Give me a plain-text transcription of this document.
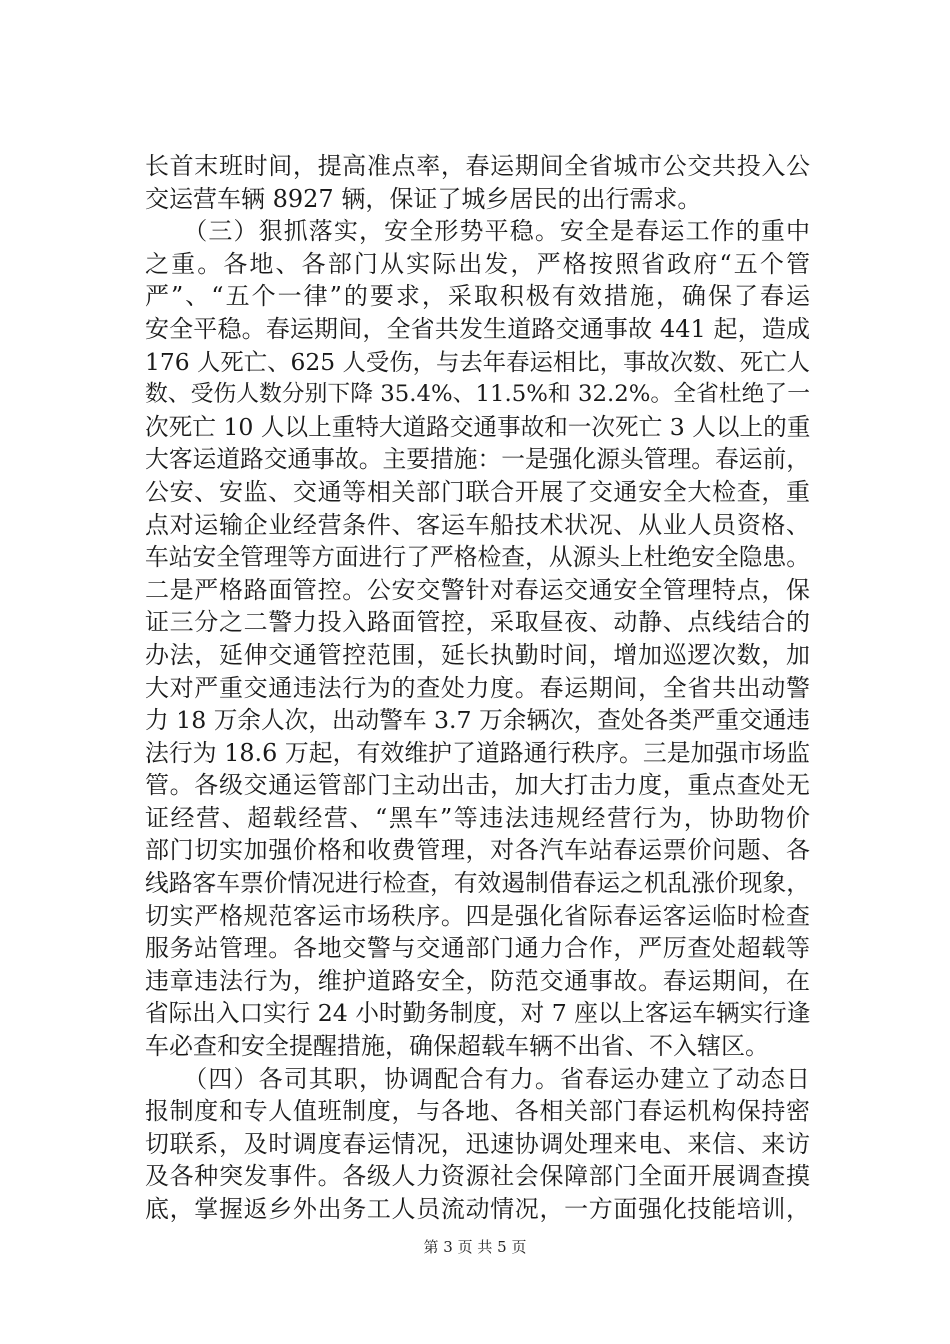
长首末班时间，提高准点率，春运期间全省城市公交共投入公
交运营车辆 8927 辆，保证了城乡居民的出行需求。
　　（三）狠抓落实，安全形势平稳。安全是春运工作的重中
之重。各地、各部门从实际出发，严格按照省政府“五个管
严”、“五个一律”的要求，采取积极有效措施，确保了春运
安全平稳。春运期间，全省共发生道路交通事故 441 起，造成
176 人死亡、625 人受伤，与去年春运相比，事故次数、死亡人
数、受伤人数分别下降 35.4%、11.5%和 32.2%。全省杜绝了一
次死亡 10 人以上重特大道路交通事故和一次死亡 3 人以上的重
大客运道路交通事故。主要措施：一是强化源头管理。春运前，
公安、安监、交通等相关部门联合开展了交通安全大检查，重
点对运输企业经营条件、客运车船技术状况、从业人员资格、
车站安全管理等方面进行了严格检查，从源头上杜绝安全隐患。
二是严格路面管控。公安交警针对春运交通安全管理特点，保
证三分之二警力投入路面管控，采取昼夜、动静、点线结合的
办法，延伸交通管控范围，延长执勤时间，增加巡逻次数，加
大对严重交通违法行为的查处力度。春运期间，全省共出动警
力 18 万余人次，出动警车 3.7 万余辆次，查处各类严重交通违
法行为 18.6 万起，有效维护了道路通行秩序。三是加强市场监
管。各级交通运管部门主动出击，加大打击力度，重点查处无
证经营、超载经营、“黑车”等违法违规经营行为，协助物价
部门切实加强价格和收费管理，对各汽车站春运票价问题、各
线路客车票价情况进行检查，有效遏制借春运之机乱涨价现象，
切实严格规范客运市场秩序。四是强化省际春运客运临时检查
服务站管理。各地交警与交通部门通力合作，严厉查处超载等
违章违法行为，维护道路安全，防范交通事故。春运期间，在
省际出入口实行 24 小时勤务制度，对 7 座以上客运车辆实行逢
车必查和安全提醒措施，确保超载车辆不出省、不入辖区。
　　（四）各司其职，协调配合有力。省春运办建立了动态日
报制度和专人值班制度，与各地、各相关部门春运机构保持密
切联系，及时调度春运情况，迅速协调处理来电、来信、来访
及各种突发事件。各级人力资源社会保障部门全面开展调查摸
底，掌握返乡外出务工人员流动情况，一方面强化技能培训，
第 3 页 共 5 页
